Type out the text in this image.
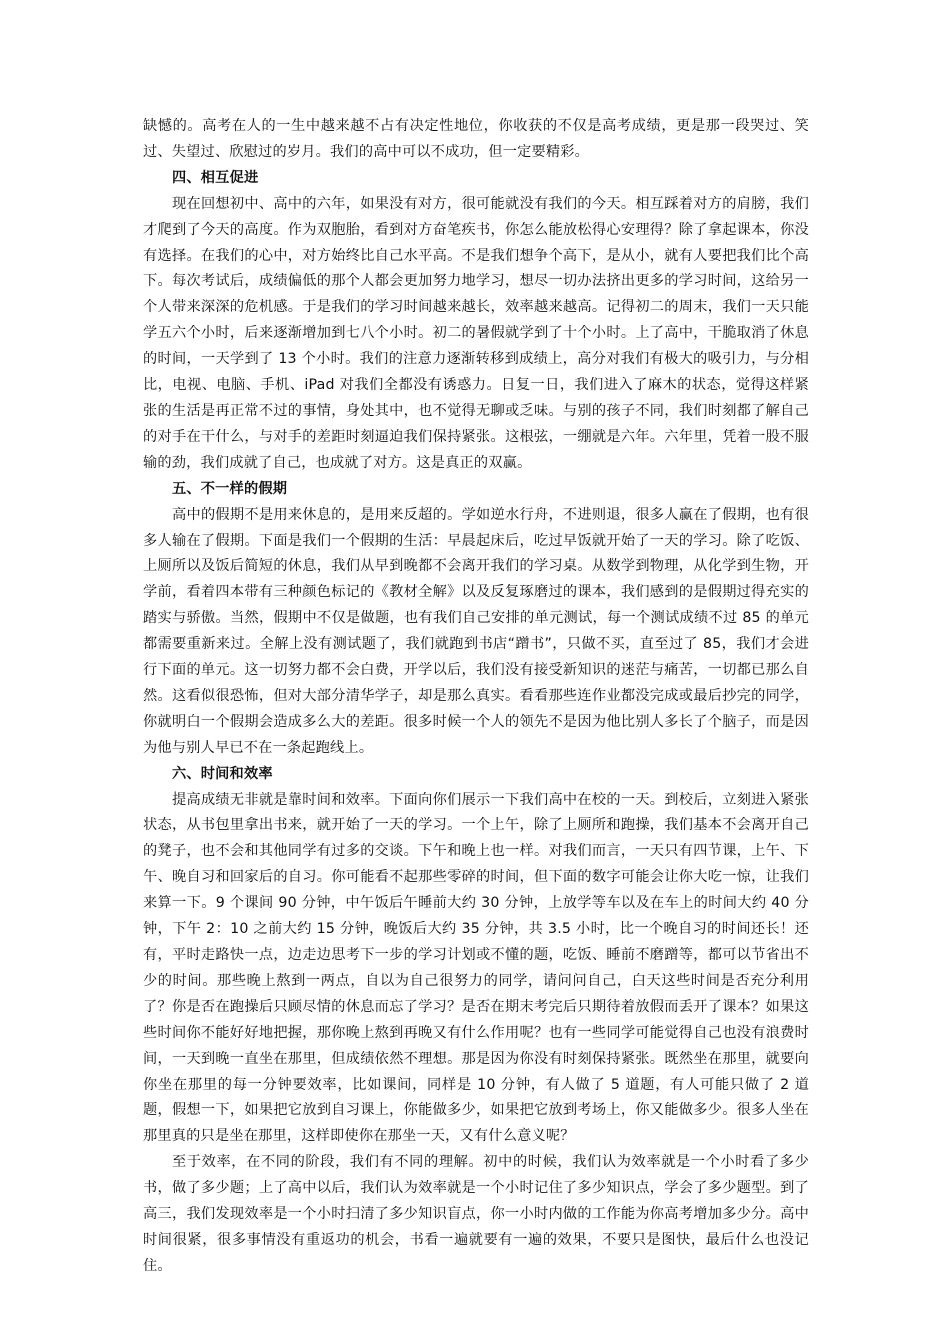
缺憾的。高考在人的一生中越来越不占有决定性地位，你收获的不仅是高考成绩，更是那一段哭过、笑过、失望过、欣慰过的岁月。我们的高中可以不成功，但一定要精彩。

四、相互促进

现在回想初中、高中的六年，如果没有对方，很可能就没有我们的今天。相互踩着对方的肩膀，我们才爬到了今天的高度。作为双胞胎，看到对方奋笔疾书，你怎么能放松得心安理得？除了拿起课本，你没有选择。在我们的心中，对方始终比自己水平高。不是我们想争个高下，是从小，就有人要把我们比个高下。每次考试后，成绩偏低的那个人都会更加努力地学习，想尽一切办法挤出更多的学习时间，这给另一个人带来深深的危机感。于是我们的学习时间越来越长，效率越来越高。记得初二的周末，我们一天只能学五六个小时，后来逐渐增加到七八个小时。初二的暑假就学到了十个小时。上了高中，干脆取消了休息的时间，一天学到了 13 个小时。我们的注意力逐渐转移到成绩上，高分对我们有极大的吸引力，与分相比，电视、电脑、手机、iPad 对我们全都没有诱惑力。日复一日，我们进入了麻木的状态，觉得这样紧张的生活是再正常不过的事情，身处其中，也不觉得无聊或乏味。与别的孩子不同，我们时刻都了解自己的对手在干什么，与对手的差距时刻逼迫我们保持紧张。这根弦，一绷就是六年。六年里，凭着一股不服输的劲，我们成就了自己，也成就了对方。这是真正的双赢。

五、不一样的假期

高中的假期不是用来休息的，是用来反超的。学如逆水行舟，不进则退，很多人赢在了假期，也有很多人输在了假期。下面是我们一个假期的生活：早晨起床后，吃过早饭就开始了一天的学习。除了吃饭、上厕所以及饭后简短的休息，我们从早到晚都不会离开我们的学习桌。从数学到物理，从化学到生物，开学前，看着四本带有三种颜色标记的《教材全解》以及反复琢磨过的课本，我们感到的是假期过得充实的踏实与骄傲。当然，假期中不仅是做题，也有我们自己安排的单元测试，每一个测试成绩不过 85 的单元都需要重新来过。全解上没有测试题了，我们就跑到书店“蹭书”，只做不买，直至过了 85，我们才会进行下面的单元。这一切努力都不会白费，开学以后，我们没有接受新知识的迷茫与痛苦，一切都已那么自然。这看似很恐怖，但对大部分清华学子，却是那么真实。看看那些连作业都没完成或最后抄完的同学，你就明白一个假期会造成多么大的差距。很多时候一个人的领先不是因为他比别人多长了个脑子，而是因为他与别人早已不在一条起跑线上。

六、时间和效率

提高成绩无非就是靠时间和效率。下面向你们展示一下我们高中在校的一天。到校后，立刻进入紧张状态，从书包里拿出书来，就开始了一天的学习。一个上午，除了上厕所和跑操，我们基本不会离开自己的凳子，也不会和其他同学有过多的交谈。下午和晚上也一样。对我们而言，一天只有四节课，上午、下午、晚自习和回家后的自习。你可能看不起那些零碎的时间，但下面的数字可能会让你大吃一惊，让我们来算一下。9 个课间 90 分钟，中午饭后午睡前大约 30 分钟，上放学等车以及在车上的时间大约 40 分钟，下午 2：10 之前大约 15 分钟，晚饭后大约 35 分钟，共 3.5 小时，比一个晚自习的时间还长！还有，平时走路快一点，边走边思考下一步的学习计划或不懂的题，吃饭、睡前不磨蹭等，都可以节省出不少的时间。那些晚上熬到一两点，自以为自己很努力的同学，请问问自己，白天这些时间是否充分利用了？你是否在跑操后只顾尽情的休息而忘了学习？是否在期末考完后只期待着放假而丢开了课本？如果这些时间你不能好好地把握，那你晚上熬到再晚又有什么作用呢？也有一些同学可能觉得自己也没有浪费时间，一天到晚一直坐在那里，但成绩依然不理想。那是因为你没有时刻保持紧张。既然坐在那里，就要向你坐在那里的每一分钟要效率，比如课间，同样是 10 分钟，有人做了 5 道题，有人可能只做了 2 道题，假想一下，如果把它放到自习课上，你能做多少，如果把它放到考场上，你又能做多少。很多人坐在那里真的只是坐在那里，这样即使你在那坐一天，又有什么意义呢？

至于效率，在不同的阶段，我们有不同的理解。初中的时候，我们认为效率就是一个小时看了多少书，做了多少题；上了高中以后，我们认为效率就是一个小时记住了多少知识点，学会了多少题型。到了高三，我们发现效率是一个小时扫清了多少知识盲点，你一小时内做的工作能为你高考增加多少分。高中时间很紧，很多事情没有重返功的机会，书看一遍就要有一遍的效果，不要只是图快，最后什么也没记住。
